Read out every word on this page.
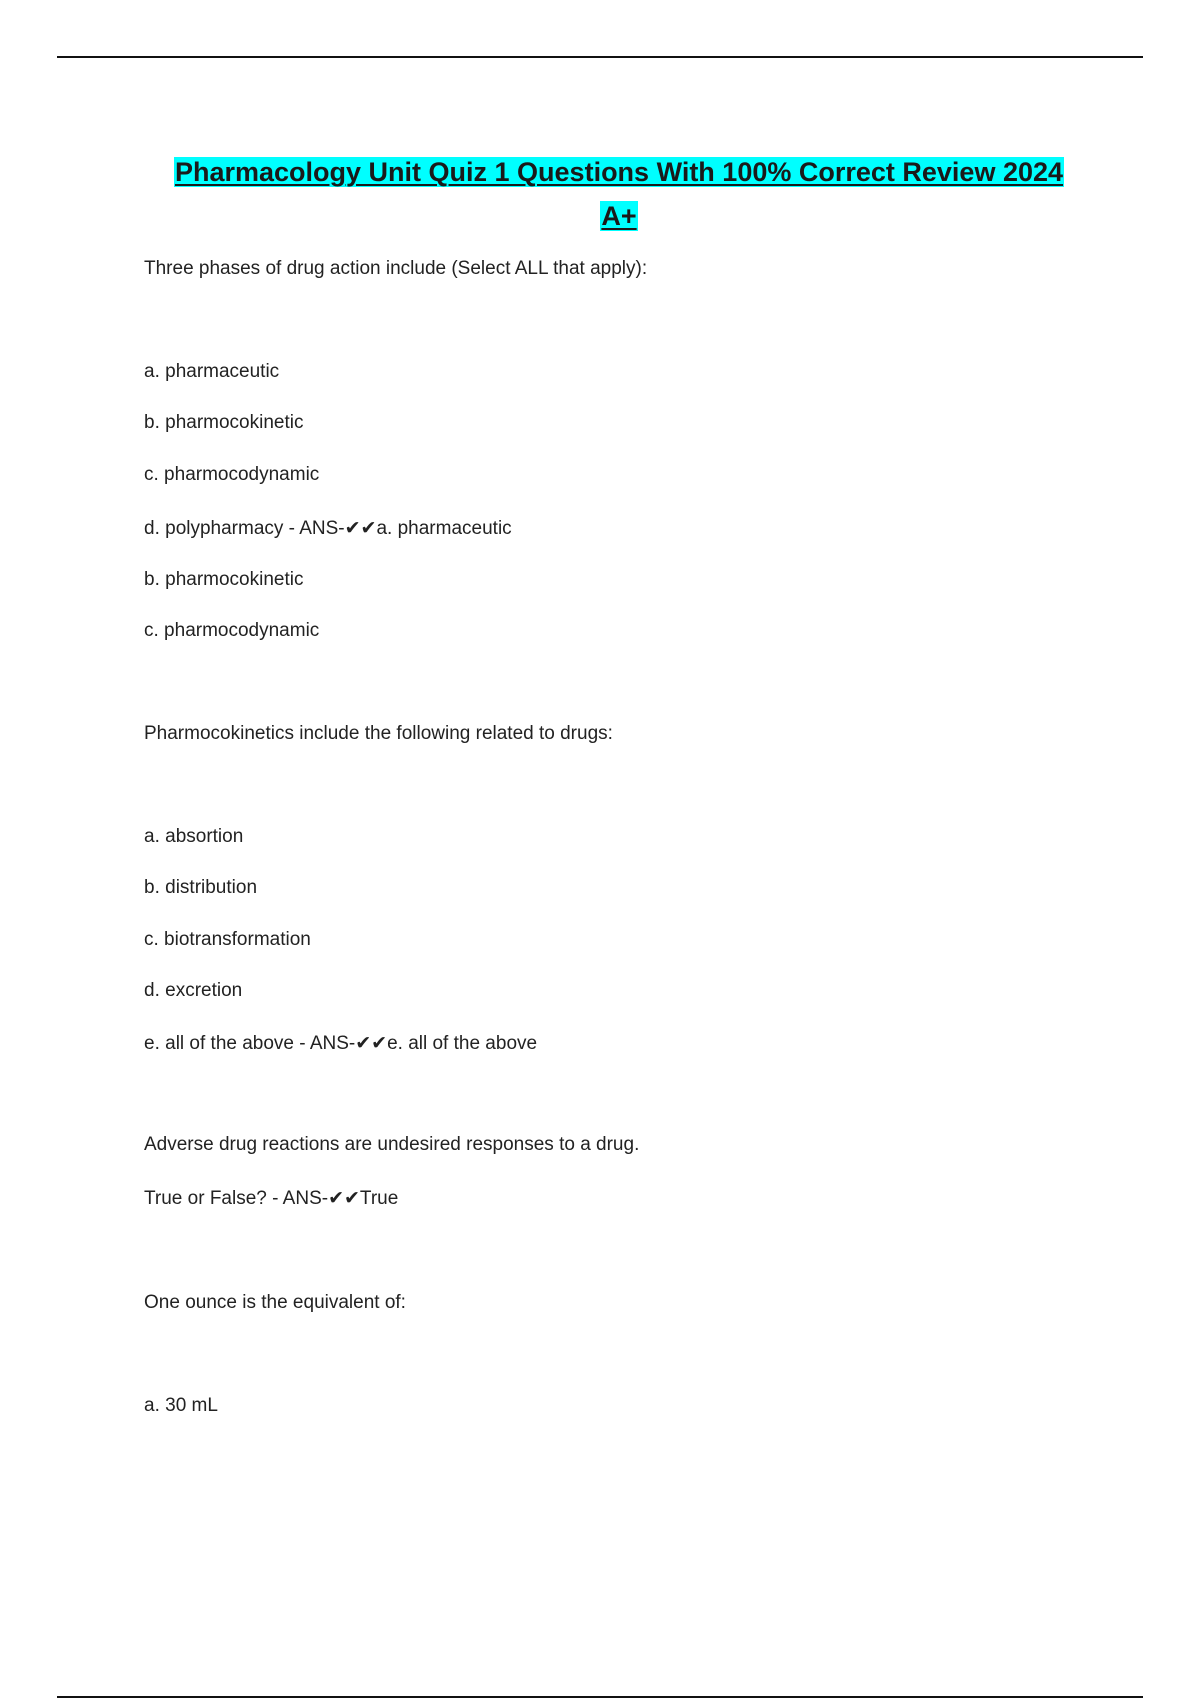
Pharmacology Unit Quiz 1 Questions With 100% Correct Review 2024
A+
Three phases of drug action include (Select ALL that apply):
a. pharmaceutic
b. pharmocokinetic
c. pharmocodynamic
d. polypharmacy - ANS-✔✔a. pharmaceutic
b. pharmocokinetic
c. pharmocodynamic
Pharmocokinetics include the following related to drugs:
a. absortion
b. distribution
c. biotransformation
d. excretion
e. all of the above - ANS-✔✔e. all of the above
Adverse drug reactions are undesired responses to a drug.
True or False? - ANS-✔✔True
One ounce is the equivalent of:
a. 30 mL
